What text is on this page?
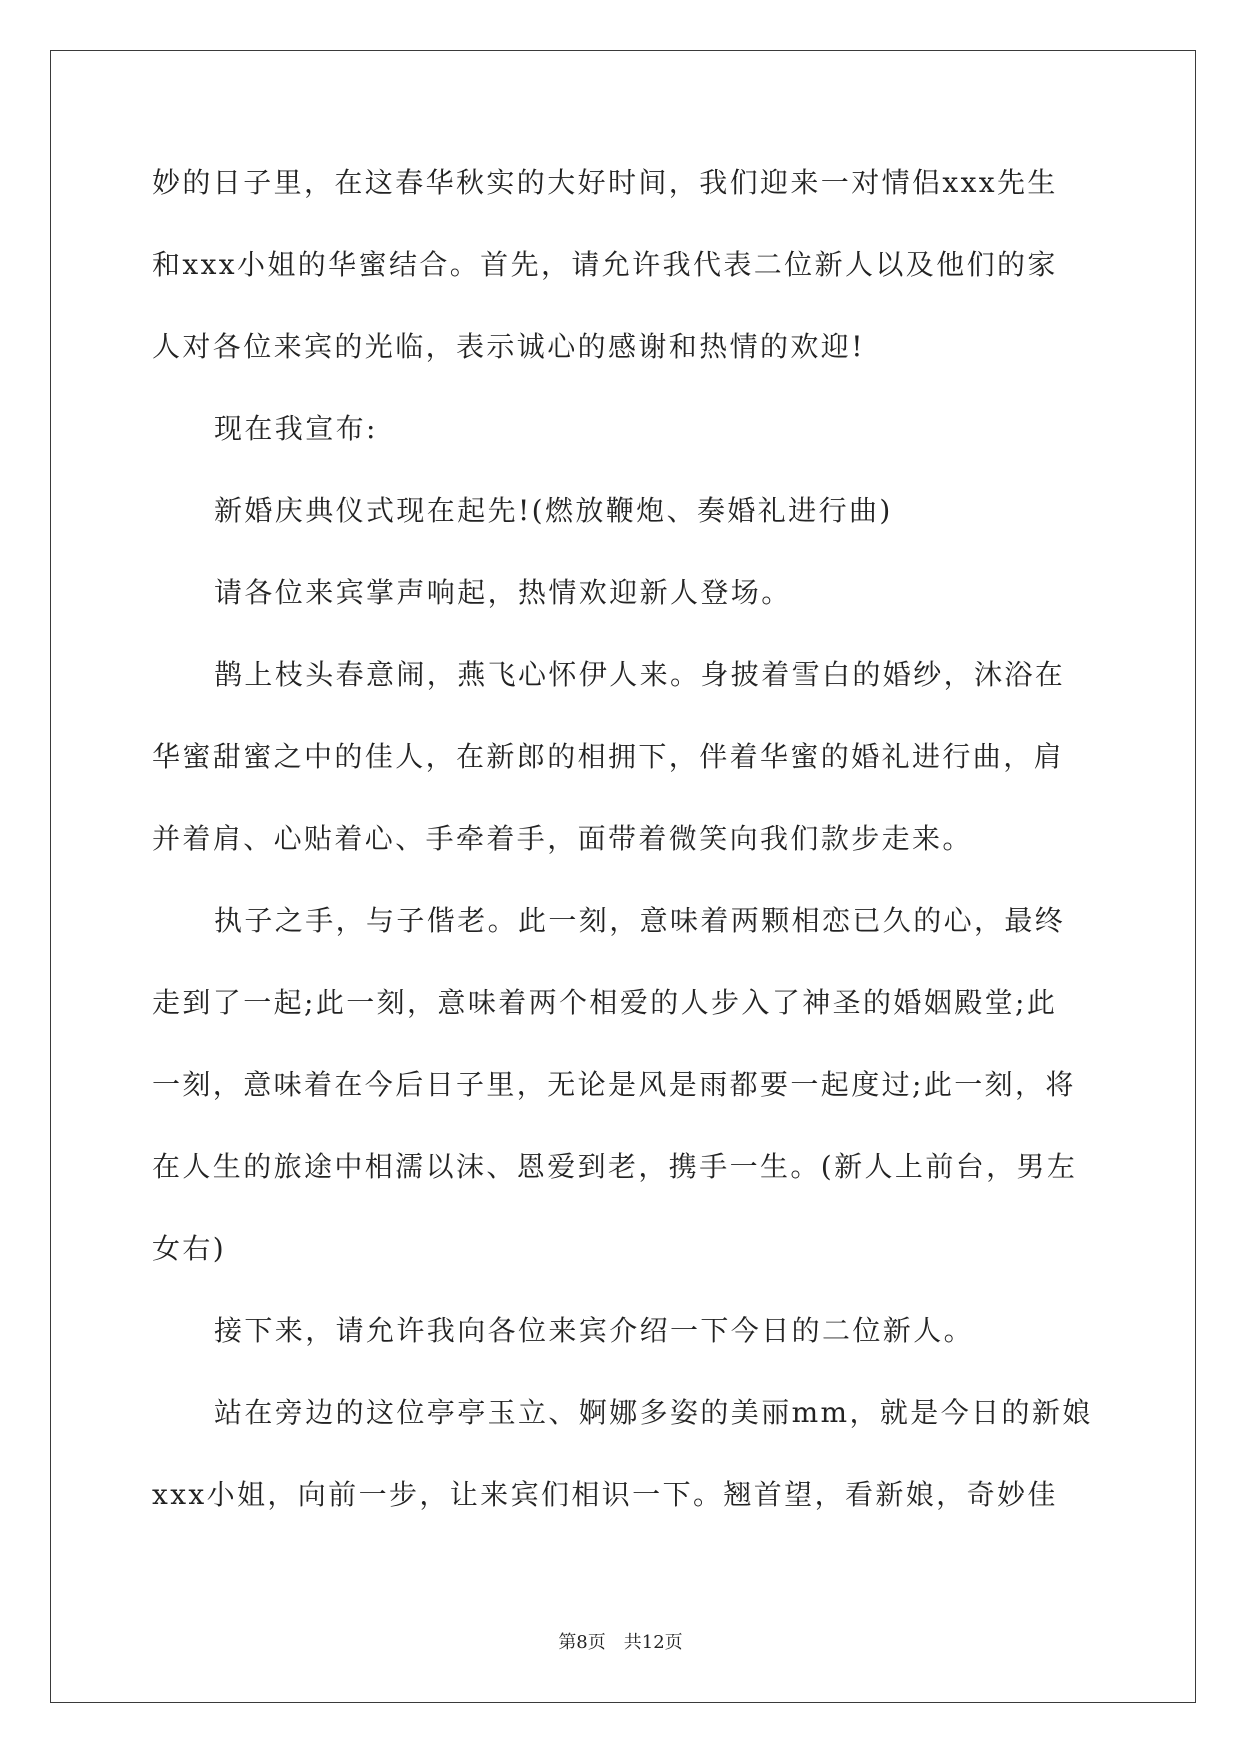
妙的日子里，在这春华秋实的大好时间，我们迎来一对情侣xxx先生
和xxx小姐的华蜜结合。首先，请允许我代表二位新人以及他们的家
人对各位来宾的光临，表示诚心的感谢和热情的欢迎!
现在我宣布:
新婚庆典仪式现在起先!(燃放鞭炮、奏婚礼进行曲)
请各位来宾掌声响起，热情欢迎新人登场。
鹊上枝头春意闹，燕飞心怀伊人来。身披着雪白的婚纱，沐浴在
华蜜甜蜜之中的佳人，在新郎的相拥下，伴着华蜜的婚礼进行曲，肩
并着肩、心贴着心、手牵着手，面带着微笑向我们款步走来。
执子之手，与子偕老。此一刻，意味着两颗相恋已久的心，最终
走到了一起;此一刻，意味着两个相爱的人步入了神圣的婚姻殿堂;此
一刻，意味着在今后日子里，无论是风是雨都要一起度过;此一刻，将
在人生的旅途中相濡以沫、恩爱到老，携手一生。(新人上前台，男左
女右)
接下来，请允许我向各位来宾介绍一下今日的二位新人。
站在旁边的这位亭亭玉立、婀娜多姿的美丽mm，就是今日的新娘
xxx小姐，向前一步，让来宾们相识一下。翘首望，看新娘，奇妙佳
第8页　共12页
